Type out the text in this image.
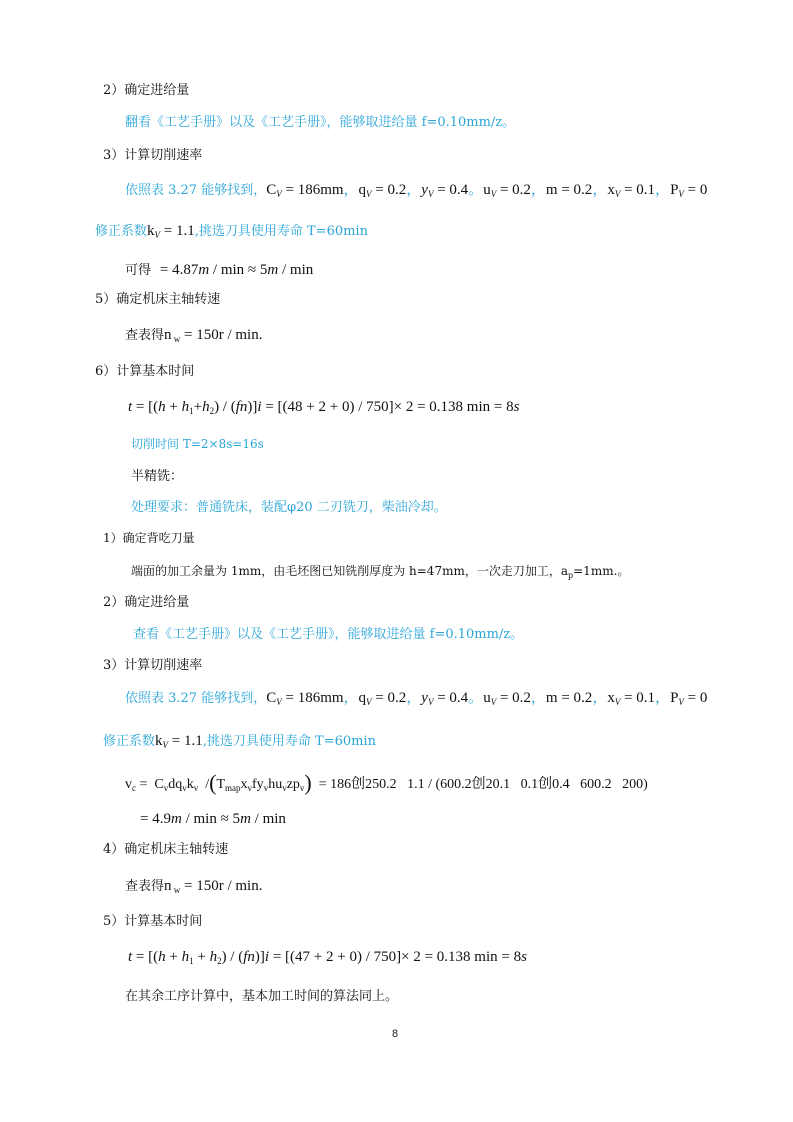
2）确定进给量
翻看《工艺手册》以及《工艺手册》，能够取进给量 f=0.10mm/z。
3）计算切削速率
依照表 3.27 能够找到，$C_V = 186mm$，$q_V = 0.2$，$y_V = 0.4$。$u_V = 0.2$，m = 0.2，$x_V = 0.1$，$P_V = 0$
修正系数$k_V = 1.1$,挑选刀具使用寿命 T=60min
可得  = 4.87m / min ≈ 5m / min
5）确定机床主轴转速
查表得n $_w$ = 150r / min.
6）计算基本时间
$t = [(h + h_1+h_2) / (fn)]i = [(48 + 2 + 0) / 750]\times 2 = 0.138$ min = 8s
切削时间 T=2×8s=16s
半精铣：
处理要求：普通铣床，装配φ20 二刃铣刀，柴油冷却。
1）确定背吃刀量
端面的加工余量为 1mm，由毛坯图已知铣削厚度为 h=47mm，一次走刀加工，$a_p=1mm$.。
2）确定进给量
查看《工艺手册》以及《工艺手册》，能够取进给量 f=0.10mm/z。
3）计算切削速率
依照表 3.27 能够找到，$C_V = 186mm$，$q_V = 0.2$，$y_V = 0.4$。$u_V = 0.2$，m = 0.2，$x_V = 0.1$，$P_V = 0$
修正系数$k_V = 1.1$,挑选刀具使用寿命 T=60min
$v_c = C_vdq_vk_v$  $/(T_{map}x_vfy_vhu_vzp_v) = 186$创250.2   1.1 / (600.2创20.1   0.1创0.4   600.2   200)
= 4.9m / min ≈ 5m / min
4）确定机床主轴转速
查表得n $_w$ = 150r / min.
5）计算基本时间
$t = [(h + h_1 + h_2) / (fn)]i = [(47 + 2 + 0) / 750]\times 2 = 0.138$ min = 8s
在其余工序计算中，基本加工时间的算法同上。
8
